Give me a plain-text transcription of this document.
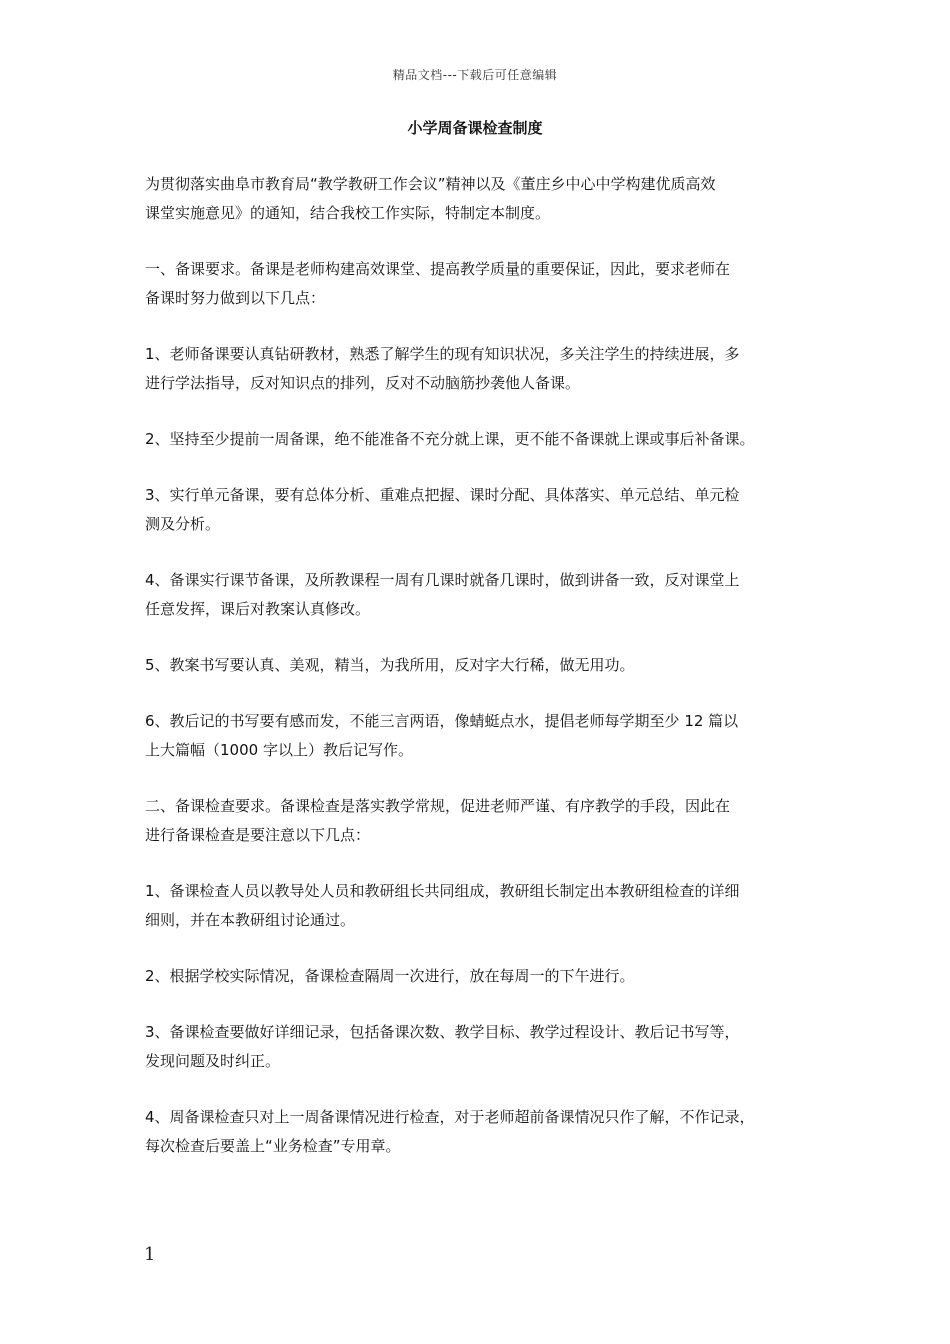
精品文档---下载后可任意编辑
小学周备课检查制度

为贯彻落实曲阜市教育局“教学教研工作会议”精神以及《董庄乡中心中学构建优质高效
课堂实施意见》的通知，结合我校工作实际，特制定本制度。

一、备课要求。备课是老师构建高效课堂、提高教学质量的重要保证，因此，要求老师在
备课时努力做到以下几点：

1、老师备课要认真钻研教材，熟悉了解学生的现有知识状况，多关注学生的持续进展，多
进行学法指导，反对知识点的排列，反对不动脑筋抄袭他人备课。

2、坚持至少提前一周备课，绝不能准备不充分就上课，更不能不备课就上课或事后补备课。

3、实行单元备课，要有总体分析、重难点把握、课时分配、具体落实、单元总结、单元检
测及分析。

4、备课实行课节备课，及所教课程一周有几课时就备几课时，做到讲备一致，反对课堂上
任意发挥，课后对教案认真修改。

5、教案书写要认真、美观，精当，为我所用，反对字大行稀，做无用功。

6、教后记的书写要有感而发，不能三言两语，像蜻蜓点水，提倡老师每学期至少 12 篇以
上大篇幅（1000 字以上）教后记写作。

二、备课检查要求。备课检查是落实教学常规，促进老师严谨、有序教学的手段，因此在
进行备课检查是要注意以下几点：

1、备课检查人员以教导处人员和教研组长共同组成，教研组长制定出本教研组检查的详细
细则，并在本教研组讨论通过。

2、根据学校实际情况，备课检查隔周一次进行，放在每周一的下午进行。

3、备课检查要做好详细记录，包括备课次数、教学目标、教学过程设计、教后记书写等，
发现问题及时纠正。

4、周备课检查只对上一周备课情况进行检查，对于老师超前备课情况只作了解，不作记录，
每次检查后要盖上“业务检查”专用章。

1
